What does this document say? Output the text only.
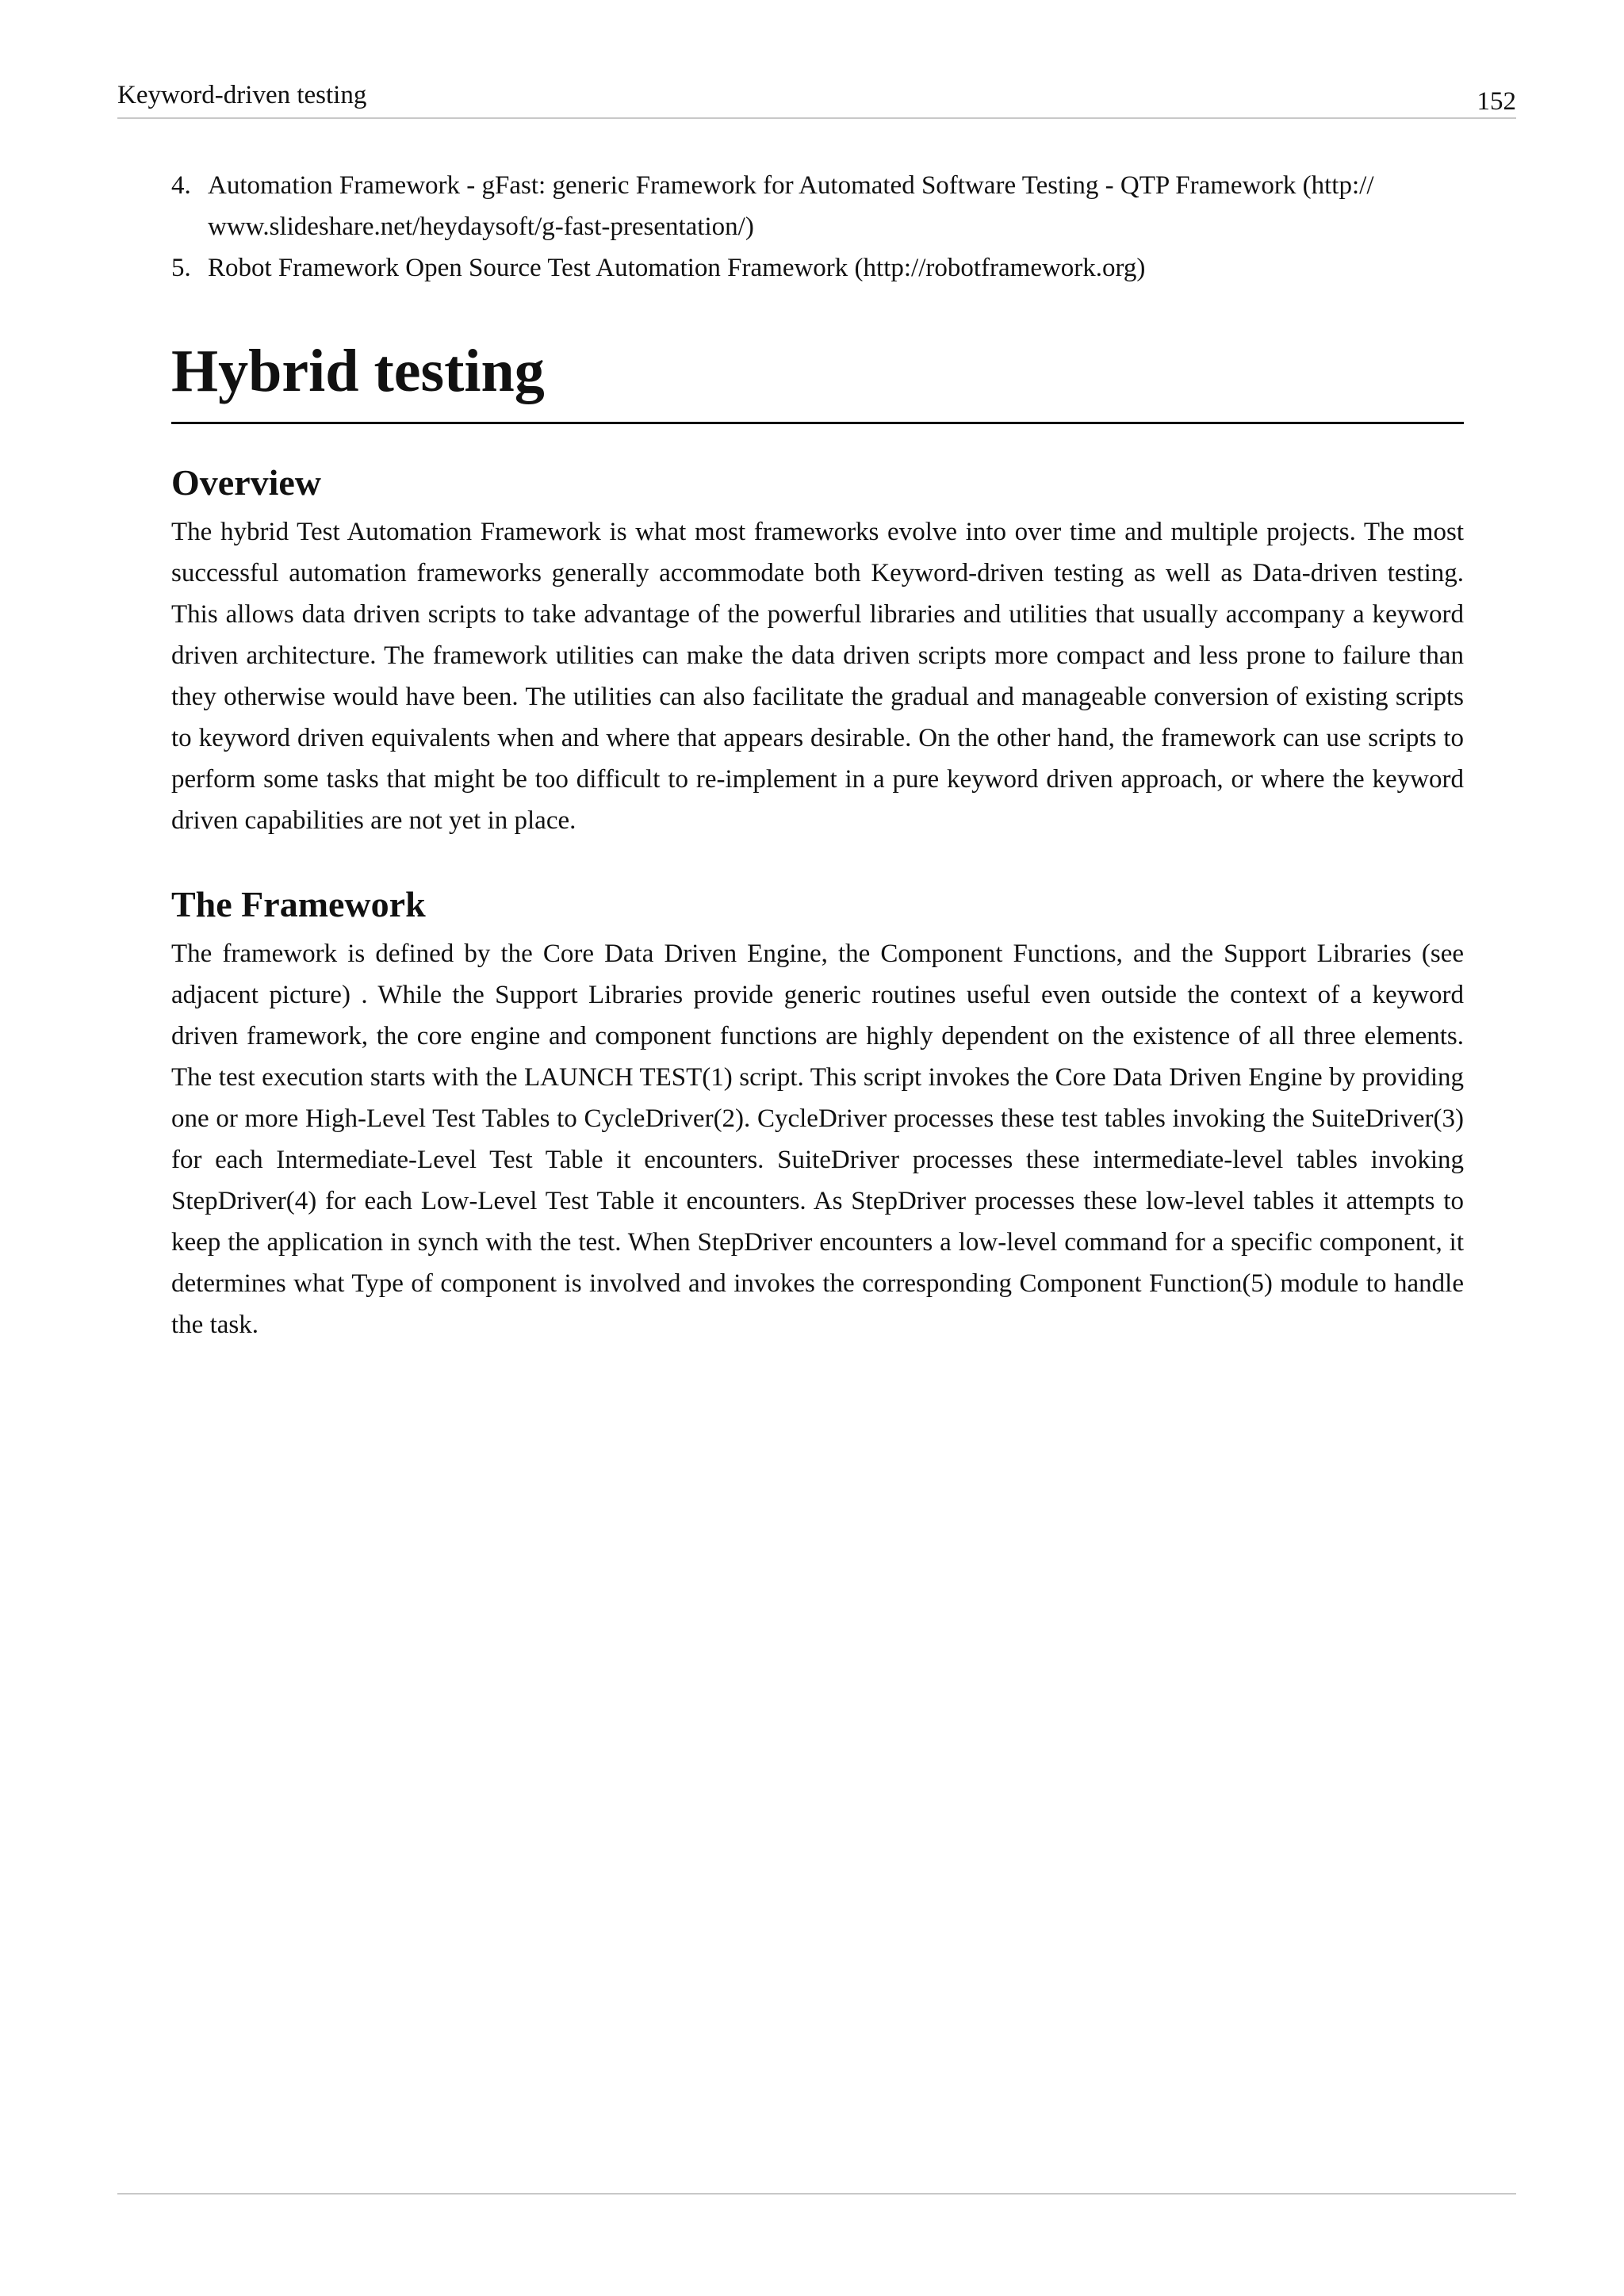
Keyword-driven testing	152
4. Automation Framework - gFast: generic Framework for Automated Software Testing - QTP Framework (http:// www.slideshare.net/heydaysoft/g-fast-presentation/)
5. Robot Framework Open Source Test Automation Framework (http://robotframework.org)
Hybrid testing
Overview

The hybrid Test Automation Framework is what most frameworks evolve into over time and multiple projects. The most successful automation frameworks generally accommodate both Keyword-driven testing as well as Data-driven testing. This allows data driven scripts to take advantage of the powerful libraries and utilities that usually accompany a keyword driven architecture. The framework utilities can make the data driven scripts more compact and less prone to failure than they otherwise would have been. The utilities can also facilitate the gradual and manageable conversion of existing scripts to keyword driven equivalents when and where that appears desirable. On the other hand, the framework can use scripts to perform some tasks that might be too difficult to re-implement in a pure keyword driven approach, or where the keyword driven capabilities are not yet in place.

The Framework

The framework is defined by the Core Data Driven Engine, the Component Functions, and the Support Libraries (see adjacent picture) . While the Support Libraries provide generic routines useful even outside the context of a keyword driven framework, the core engine and component functions are highly dependent on the existence of all three elements. The test execution starts with the LAUNCH TEST(1) script. This script invokes the Core Data Driven Engine by providing one or more High-Level Test Tables to CycleDriver(2). CycleDriver processes these test tables invoking the SuiteDriver(3) for each Intermediate-Level Test Table it encounters. SuiteDriver processes these intermediate-level tables invoking StepDriver(4) for each Low-Level Test Table it encounters. As StepDriver processes these low-level tables it attempts to keep the application in synch with the test. When StepDriver encounters a low-level command for a specific component, it determines what Type of component is involved and invokes the corresponding Component Function(5) module to handle the task.
